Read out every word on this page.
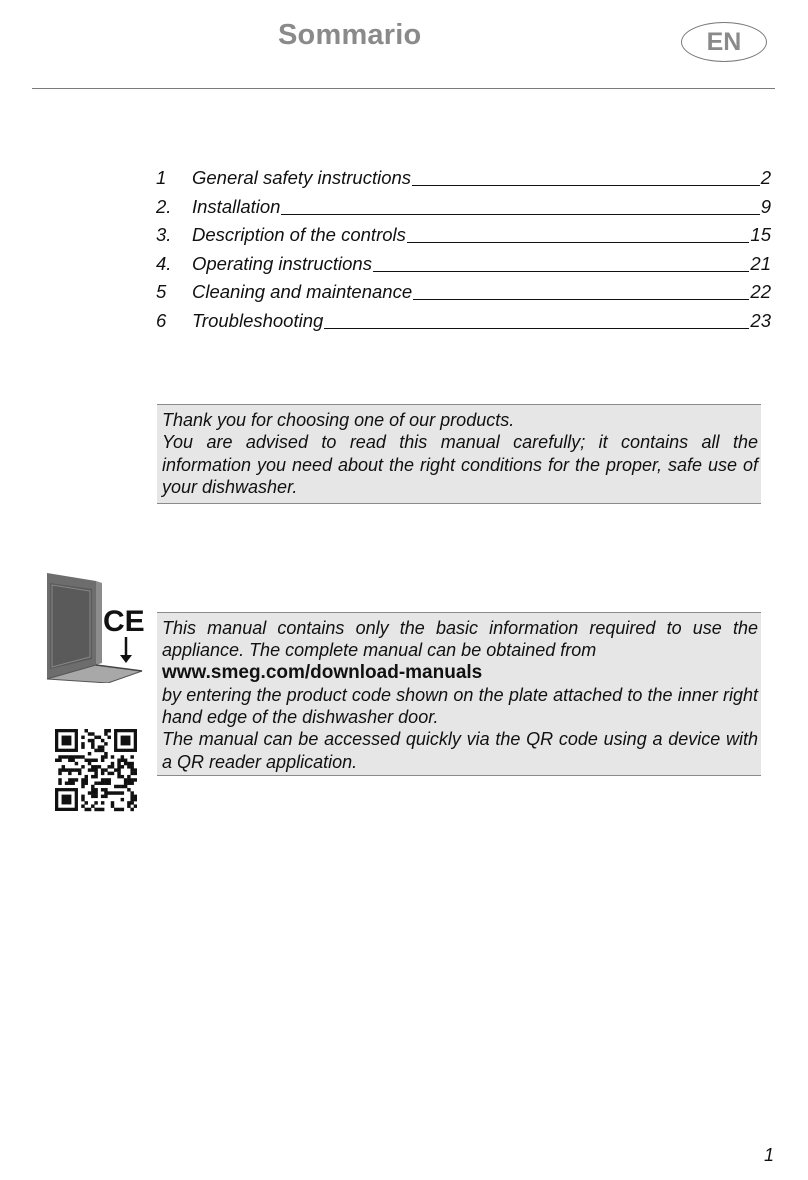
Sommario	EN
1	General safety instructions	2
2.	Installation	9
3.	Description of the controls	15
4.	Operating instructions	21
5	Cleaning and maintenance	22
6	Troubleshooting	23

Thank you for choosing one of our products.

You are advised to read this manual carefully; it contains all the information you need about the right conditions for the proper, safe use of your dishwasher.

CE This manual contains only the basic information required to use the appliance. The complete manual can be obtained from

www.smeg.com/download-manuals

by entering the product code shown on the plate attached to the inner right hand edge of the dishwasher door.

The manual can be accessed quickly via the QR code using a device with a QR reader application.

1
